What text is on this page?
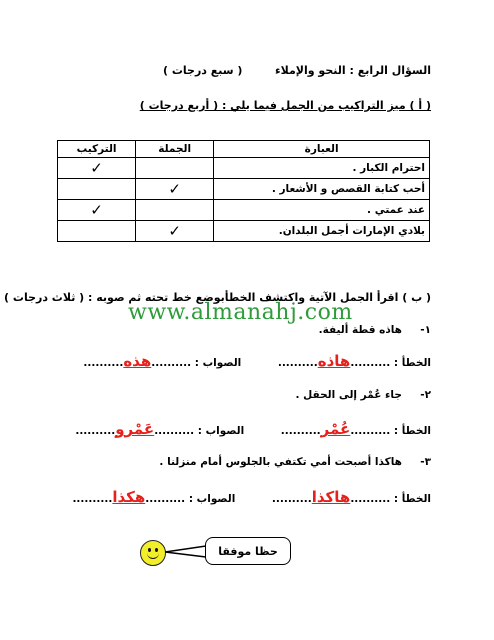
السؤال الرابع : النحو والإملاء
( سبع درجات )
( أ ) ميز التراكيب من الجمل فيما يلي : ( أربع درجات )
العبارة	الجملة	التركيب
احترام الكبار .		✓
أحب كتابة القصص و الأشعار .	✓	
عند عمتي .		✓
بلادي الإمارات أجمل البلدان.	✓	
( ب ) اقرأ الجمل الآتية واكتشف الخطأبوضع خط تحته ثم صوبه : ( ثلاث درجات )
www.almanahj.com
١-     هاذه قطة أليفة.
الخطأ : ..........هاذه..........          الصواب : ..........هذه..........
٢-     جاء عُمْر إلى الحقل .
الخطأ : ..........عُمْر..........          الصواب : ..........عَمْرو..........
٣-     هاكذا أصبحت أمي تكتفي بالجلوس أمام منزلنا .
الخطأ : ..........هاكذا..........          الصواب : ..........هكذا..........
حظا موفقا
